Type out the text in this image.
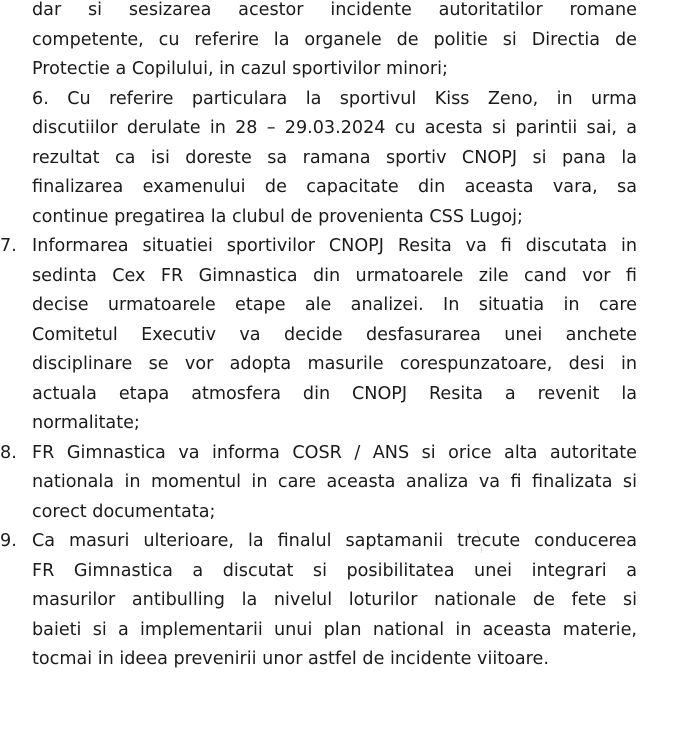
dar si sesizarea acestor incidente autoritatilor romane
competente, cu referire la organele de politie si Directia de
Protectie a Copilului, in cazul sportivilor minori;
6. Cu referire particulara la sportivul Kiss Zeno, in urma
discutiilor derulate in 28 – 29.03.2024 cu acesta si parintii sai, a
rezultat ca isi doreste sa ramana sportiv CNOPJ si pana la
finalizarea examenului de capacitate din aceasta vara, sa
continue pregatirea la clubul de provenienta CSS Lugoj;
7. Informarea situatiei sportivilor CNOPJ Resita va fi discutata in
sedinta Cex FR Gimnastica din urmatoarele zile cand vor fi
decise urmatoarele etape ale analizei. In situatia in care
Comitetul Executiv va decide desfasurarea unei anchete
disciplinare se vor adopta masurile corespunzatoare, desi in
actuala etapa atmosfera din CNOPJ Resita a revenit la
normalitate;
8. FR Gimnastica va informa COSR / ANS si orice alta autoritate
nationala in momentul in care aceasta analiza va fi finalizata si
corect documentata;
9. Ca masuri ulterioare, la finalul saptamanii trecute conducerea
FR Gimnastica a discutat si posibilitatea unei integrari a
masurilor antibulling la nivelul loturilor nationale de fete si
baieti si a implementarii unui plan national in aceasta materie,
tocmai in ideea prevenirii unor astfel de incidente viitoare.
